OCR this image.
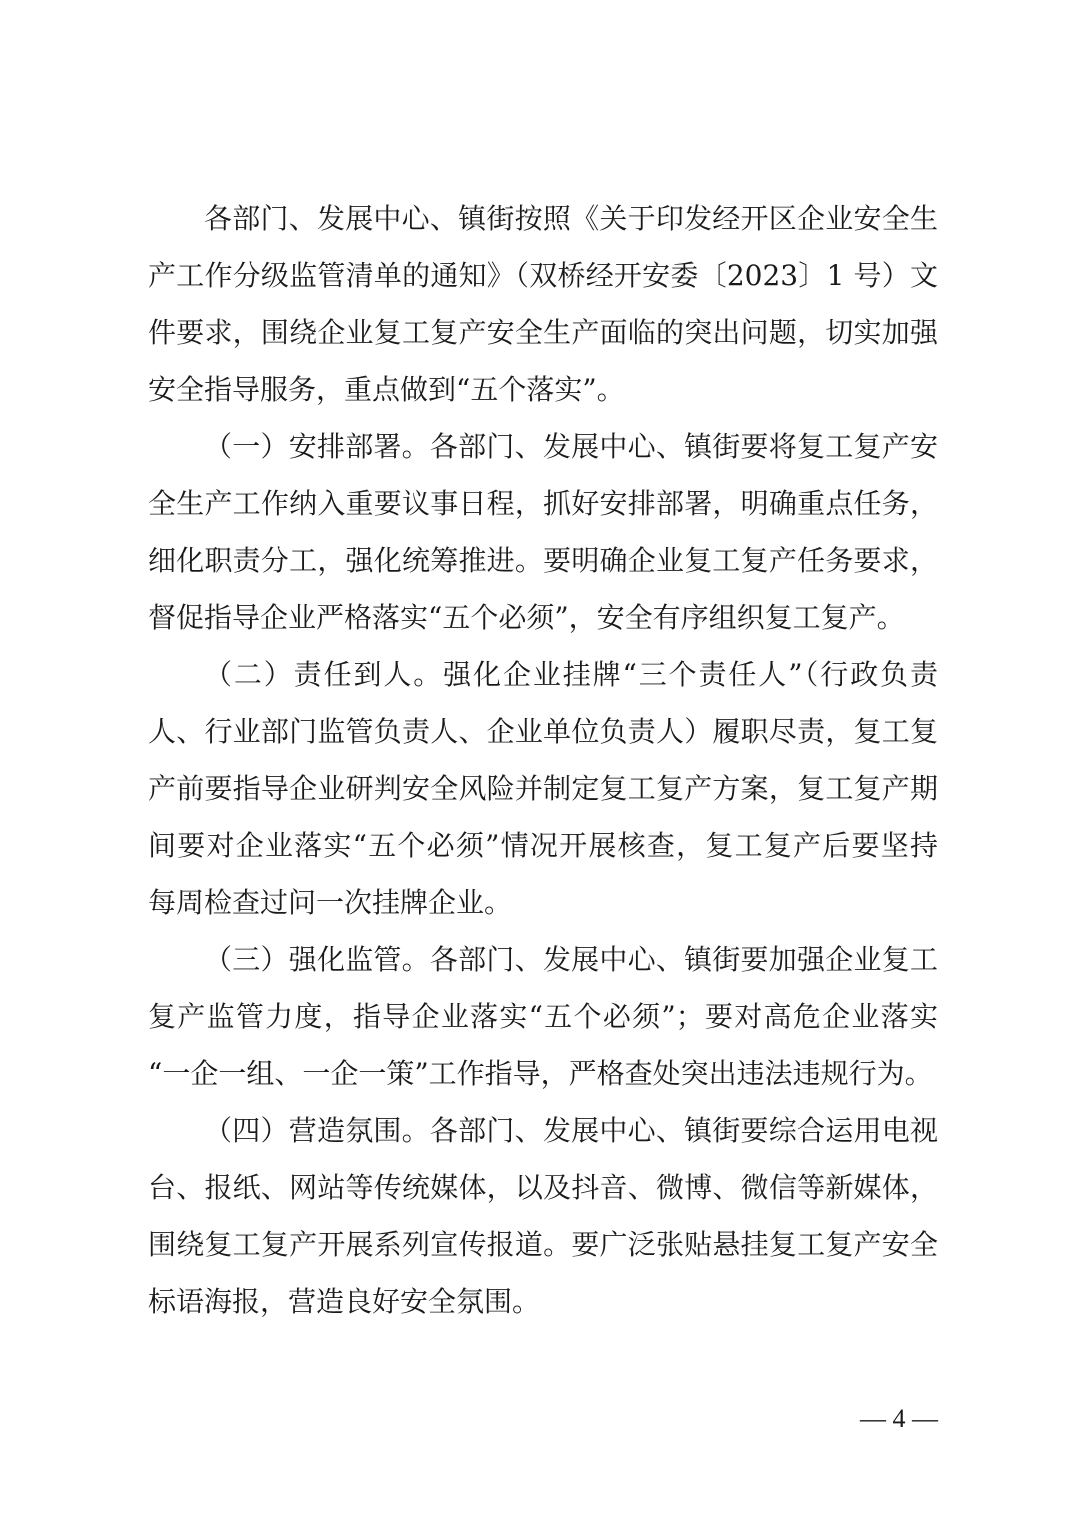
各部门、发展中心、镇街按照《关于印发经开区企业安全生
产工作分级监管清单的通知》（双桥经开安委〔2023〕1 号）文
件要求，围绕企业复工复产安全生产面临的突出问题，切实加强
安全指导服务，重点做到“五个落实”。
（一）安排部署。各部门、发展中心、镇街要将复工复产安
全生产工作纳入重要议事日程，抓好安排部署，明确重点任务，
细化职责分工，强化统筹推进。要明确企业复工复产任务要求，
督促指导企业严格落实“五个必须”，安全有序组织复工复产。
（二）责任到人。强化企业挂牌“三个责任人”（行政负责
人、行业部门监管负责人、企业单位负责人）履职尽责，复工复
产前要指导企业研判安全风险并制定复工复产方案，复工复产期
间要对企业落实“五个必须”情况开展核查，复工复产后要坚持
每周检查过问一次挂牌企业。
（三）强化监管。各部门、发展中心、镇街要加强企业复工
复产监管力度，指导企业落实“五个必须”；要对高危企业落实
“一企一组、一企一策”工作指导，严格查处突出违法违规行为。
（四）营造氛围。各部门、发展中心、镇街要综合运用电视
台、报纸、网站等传统媒体，以及抖音、微博、微信等新媒体，
围绕复工复产开展系列宣传报道。要广泛张贴悬挂复工复产安全
标语海报，营造良好安全氛围。
— 4 —
